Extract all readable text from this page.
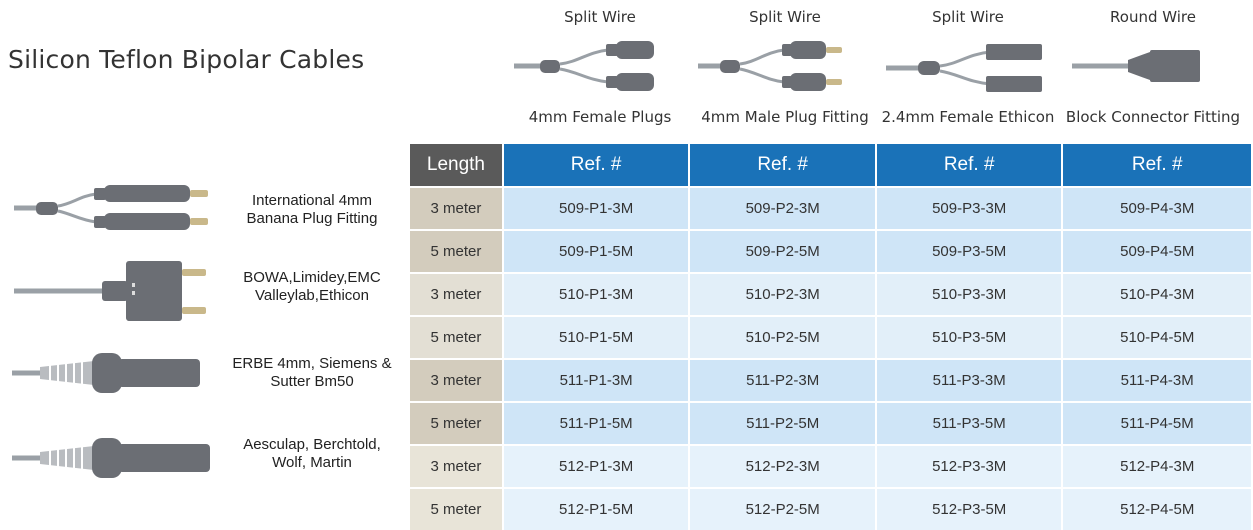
Silicon Teflon Bipolar Cables
Split Wire
4mm Female Plugs
Split Wire
4mm Male Plug Fitting
Split Wire
2.4mm Female Ethicon
Round Wire
Block Connector Fitting
International 4mm
Banana Plug Fitting
BOWA,Limidey,EMC
Valleylab,Ethicon
ERBE 4mm, Siemens &
Sutter Bm50
Aesculap, Berchtold,
Wolf, Martin
Length	Ref. #	Ref. #	Ref. #	Ref. #
3 meter	509-P1-3M	509-P2-3M	509-P3-3M	509-P4-3M
5 meter	509-P1-5M	509-P2-5M	509-P3-5M	509-P4-5M
3 meter	510-P1-3M	510-P2-3M	510-P3-3M	510-P4-3M
5 meter	510-P1-5M	510-P2-5M	510-P3-5M	510-P4-5M
3 meter	511-P1-3M	511-P2-3M	511-P3-3M	511-P4-3M
5 meter	511-P1-5M	511-P2-5M	511-P3-5M	511-P4-5M
3 meter	512-P1-3M	512-P2-3M	512-P3-3M	512-P4-3M
5 meter	512-P1-5M	512-P2-5M	512-P3-5M	512-P4-5M
